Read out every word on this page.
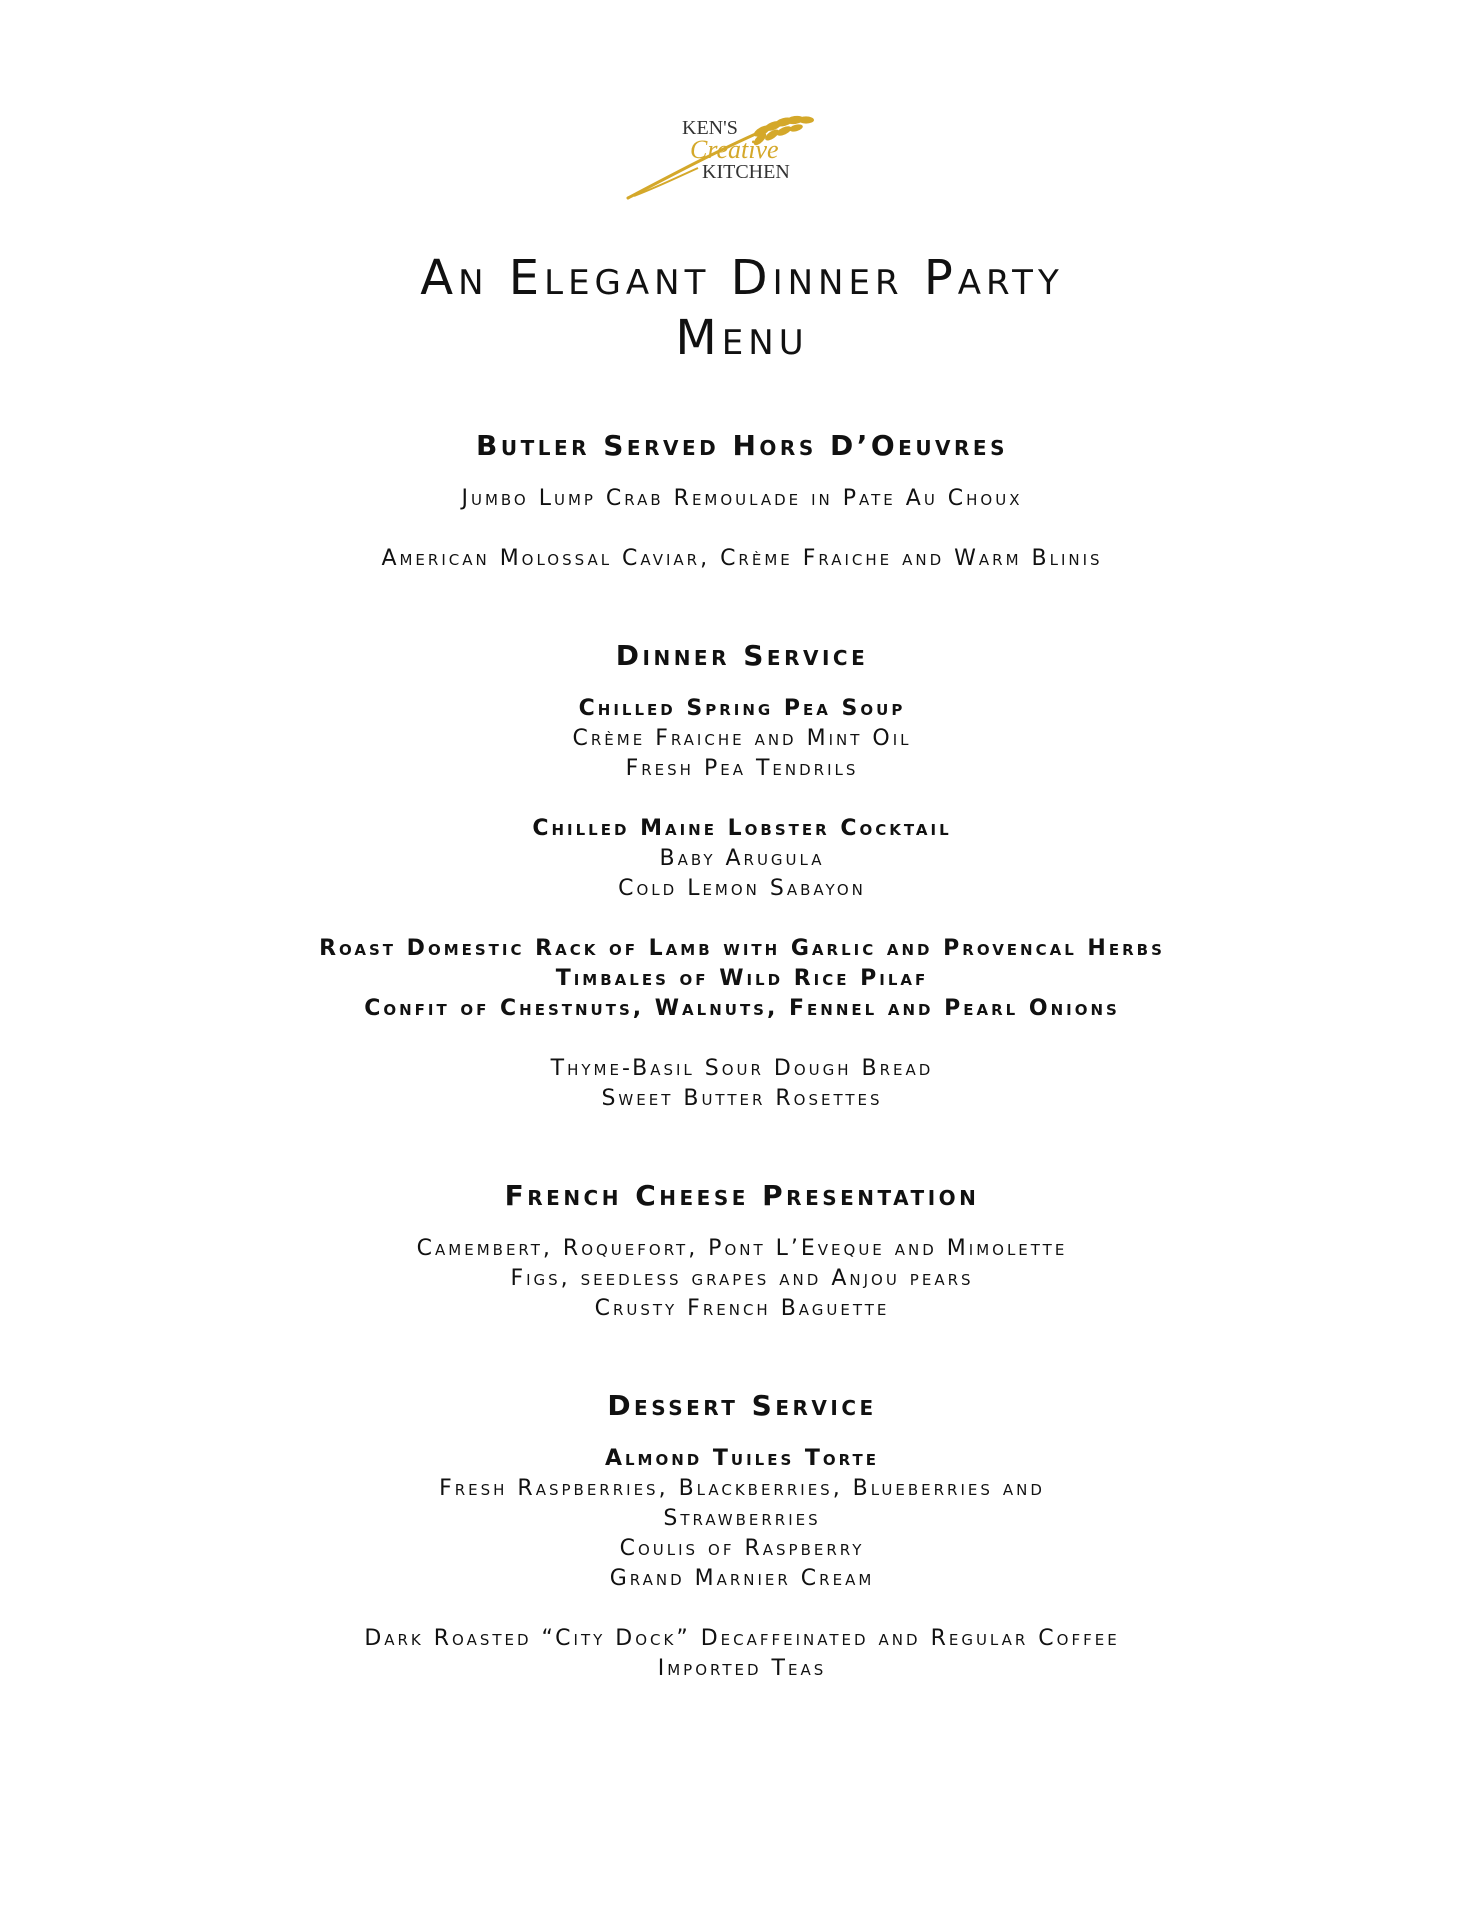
KEN'S
Creative
KITCHEN
An Elegant Dinner Party
Menu
Butler Served Hors D’Oeuvres
Jumbo Lump Crab Remoulade in Pate Au Choux
American Molossal Caviar, Crème Fraiche and Warm Blinis
Dinner Service
Chilled Spring Pea Soup
Crème Fraiche and Mint Oil
Fresh Pea Tendrils
Chilled Maine Lobster Cocktail
Baby Arugula
Cold Lemon Sabayon
Roast Domestic Rack of Lamb with Garlic and Provencal Herbs
Timbales of Wild Rice Pilaf
Confit of Chestnuts, Walnuts, Fennel and Pearl Onions
Thyme-Basil Sour Dough Bread
Sweet Butter Rosettes
French Cheese Presentation
Camembert, Roquefort, Pont L’Eveque and Mimolette
Figs, seedless grapes and Anjou pears
Crusty French Baguette
Dessert Service
Almond Tuiles Torte
Fresh Raspberries, Blackberries, Blueberries and
Strawberries
Coulis of Raspberry
Grand Marnier Cream
Dark Roasted “City Dock” Decaffeinated and Regular Coffee
Imported Teas
